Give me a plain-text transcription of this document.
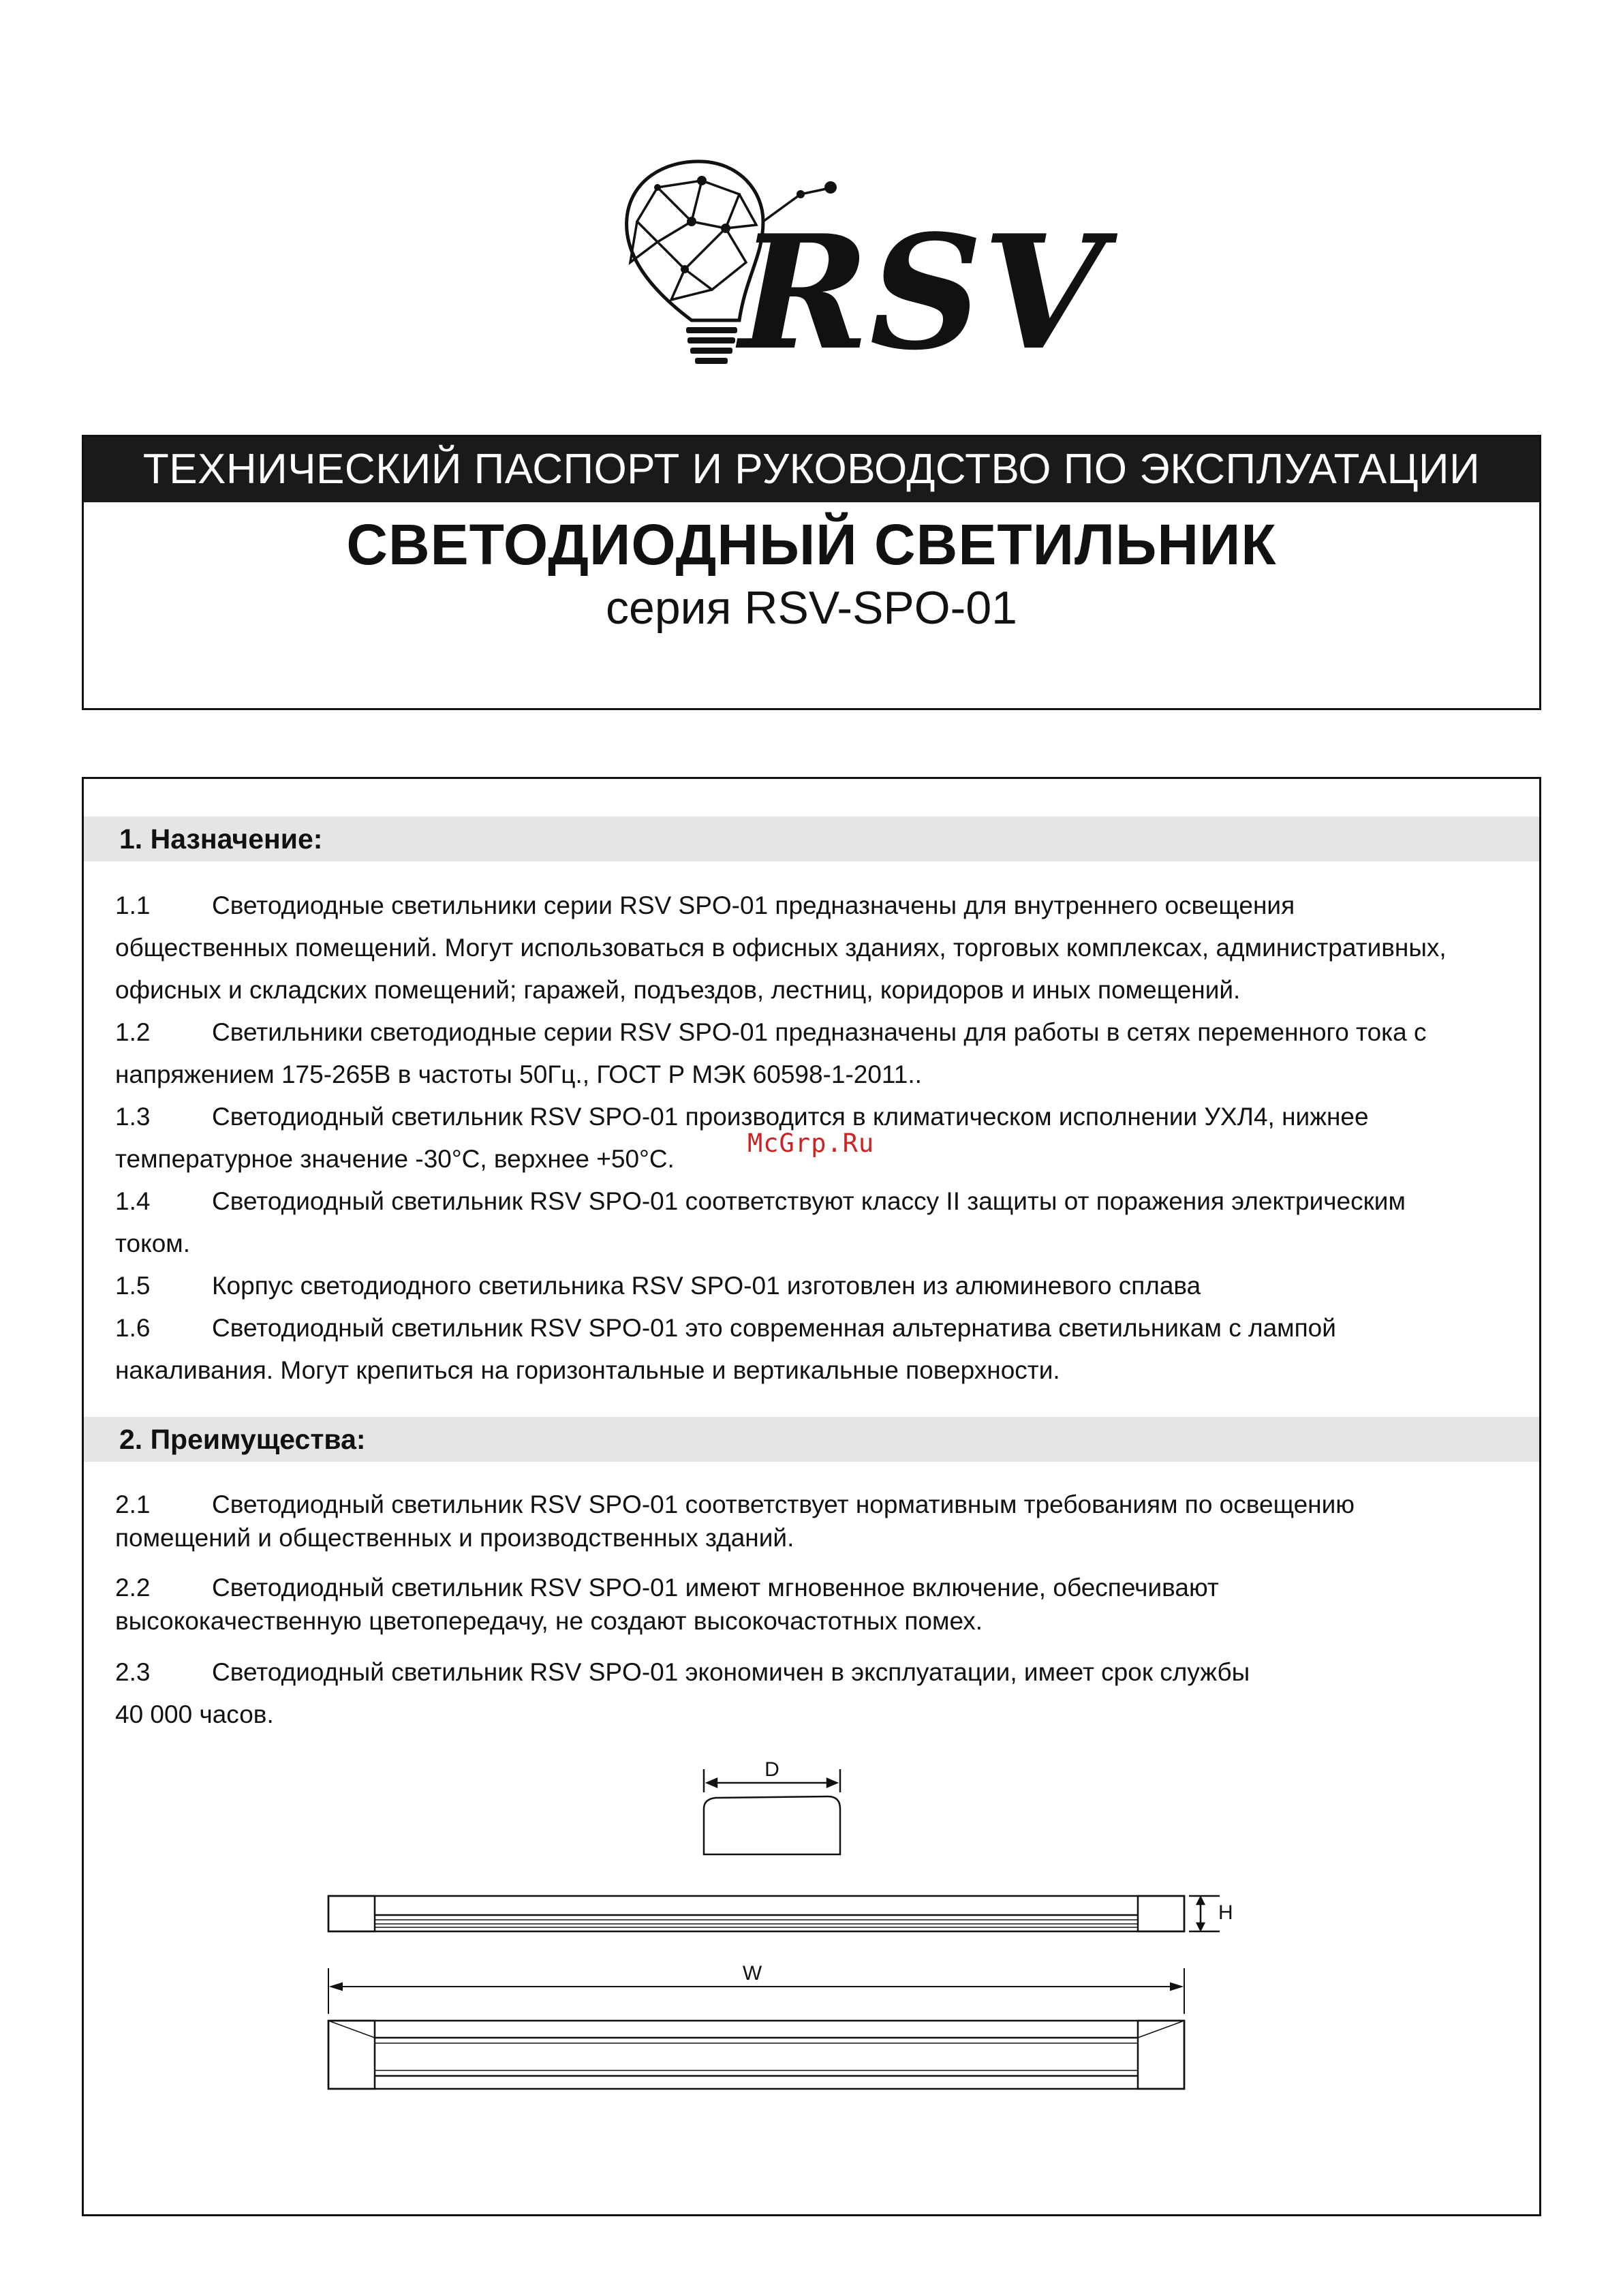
RSV
ТЕХНИЧЕСКИЙ ПАСПОРТ И РУКОВОДСТВО ПО ЭКСПЛУАТАЦИИ
СВЕТОДИОДНЫЙ СВЕТИЛЬНИК
серия RSV-SPO-01
1. Назначение:
1.1 Светодиодные светильники серии RSV SPO-01 предназначены для внутреннего освещения
общественных помещений. Могут использоваться в офисных зданиях, торговых комплексах, административных,
офисных и складских помещений; гаражей, подъездов, лестниц, коридоров и иных помещений.
1.2 Светильники светодиодные серии RSV SPO-01 предназначены для работы в сетях переменного тока с
напряжением 175-265В в частоты 50Гц., ГОСТ Р МЭК 60598-1-2011..
1.3 Светодиодный светильник RSV SPO-01 производится в климатическом исполнении УХЛ4, нижнее
температурное значение -30°С, верхнее +50°С.
1.4 Светодиодный светильник RSV SPO-01 соответствуют классу II защиты от поражения электрическим
током.
1.5 Корпус светодиодного светильника RSV SPO-01 изготовлен из алюминевого сплава
1.6 Светодиодный светильник RSV SPO-01 это современная альтернатива светильникам с лампой
накаливания. Могут крепиться на горизонтальные и вертикальные поверхности.
2. Преимущества:
2.1 Светодиодный светильник RSV SPO-01 соответствует нормативным требованиям по освещению
помещений и общественных и производственных зданий.
2.2 Светодиодный светильник RSV SPO-01 имеют мгновенное включение, обеспечивают
высококачественную цветопередачу, не создают высокочастотных помех.
2.3 Светодиодный светильник RSV SPO-01 экономичен в эксплуатации, имеет срок службы
40 000 часов.
McGrp.Ru
D
H
W
